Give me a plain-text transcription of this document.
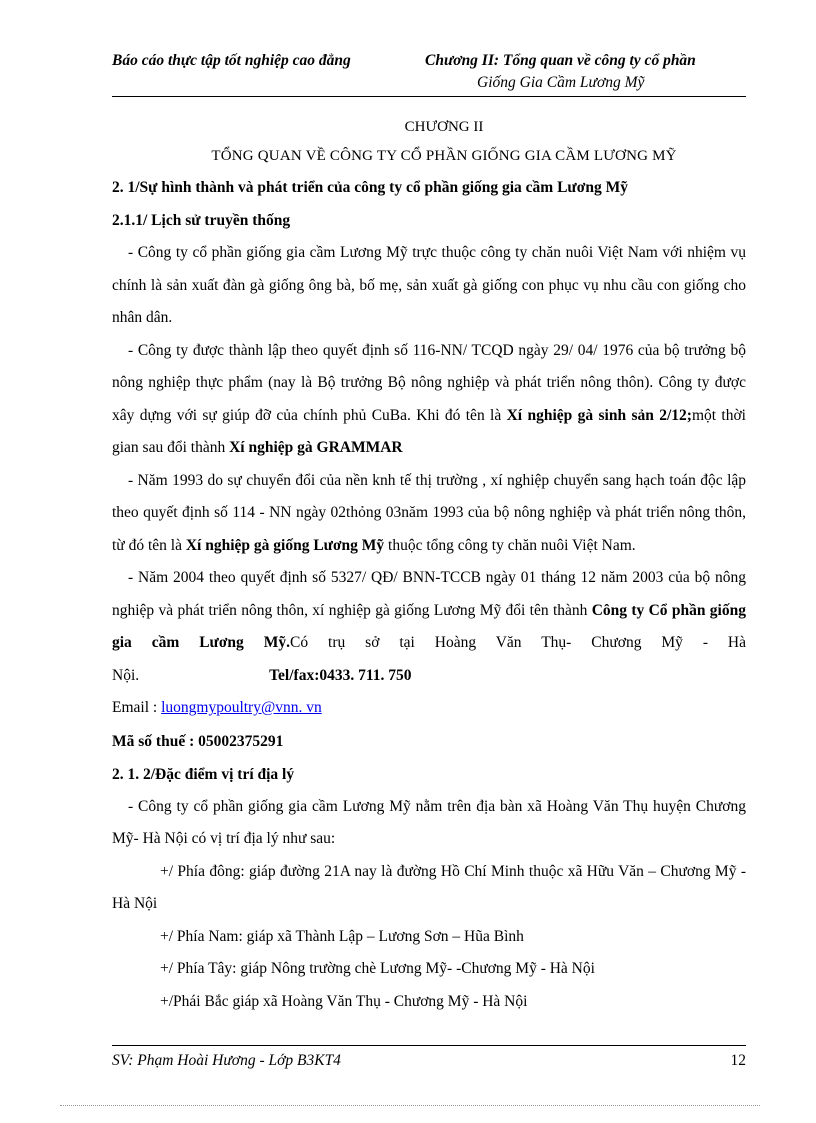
Báo cáo thực tập tốt nghiệp cao đẳng	Chương II: Tổng quan về công ty cổ phần
Giống Gia Cầm Lương Mỹ
CHƯƠNG II
TỔNG QUAN VỀ CÔNG TY CỔ PHẦN GIỐNG GIA CẦM LƯƠNG MỸ
2. 1/Sự hình thành và phát triển của công ty cổ phần giống gia cầm Lương Mỹ
2.1.1/ Lịch sử truyền thống

- Công ty cổ phần giống gia cầm Lương Mỹ trực thuộc công ty chăn nuôi Việt Nam với nhiệm vụ chính là sản xuất đàn gà giống ông bà, bố mẹ, sản xuất gà giống con phục vụ nhu cầu con giống cho nhân dân.

- Công ty được thành lập theo quyết định số 116-NN/ TCQD ngày 29/ 04/ 1976 của bộ trưởng bộ nông nghiệp thực phẩm (nay là Bộ trưởng Bộ nông nghiệp và phát triển nông thôn). Công ty được xây dựng với sự giúp đỡ của chính phủ CuBa. Khi đó tên là Xí nghiệp gà sinh sản 2/12;một thời gian sau đổi thành Xí nghiệp gà GRAMMAR

- Năm 1993 do sự chuyển đổi của nền knh tế thị trường , xí nghiệp chuyển sang hạch toán độc lập theo quyết định số 114 - NN ngày 02thỏng 03năm 1993 của bộ nông nghiệp và phát triển nông thôn, từ đó tên là Xí nghiệp gà giống Lương Mỹ thuộc tổng công ty chăn nuôi Việt Nam.

- Năm 2004 theo quyết định số 5327/ QĐ/ BNN-TCCB ngày 01 tháng 12 năm 2003 của bộ nông nghiệp và phát triển nông thôn, xí nghiệp gà giống Lương Mỹ đổi tên thành Công ty Cổ phần giống gia cầm Lương Mỹ.Có trụ sở tại Hoàng Văn Thụ- Chương Mỹ - Hà Nội.	Tel/fax:0433. 711. 750

Email : luongmypoultry@vnn. vn

Mã số thuế : 05002375291
2. 1. 2/Đặc điểm vị trí địa lý

- Công ty cổ phần giống gia cầm Lương Mỹ nằm trên địa bàn xã Hoàng Văn Thụ huyện Chương Mỹ- Hà Nội có vị trí địa lý như sau:

+/ Phía đông: giáp đường 21A nay là đường Hồ Chí Minh thuộc xã Hữu Văn – Chương Mỹ - Hà Nội

+/ Phía Nam: giáp xã Thành Lập – Lương Sơn – Hũa Bình

+/ Phía Tây: giáp Nông trường chè Lương Mỹ- -Chương Mỹ - Hà Nội

+/Phái Bắc giáp xã Hoàng Văn Thụ - Chương Mỹ - Hà Nội

SV: Phạm Hoài Hương - Lớp B3KT4	12
